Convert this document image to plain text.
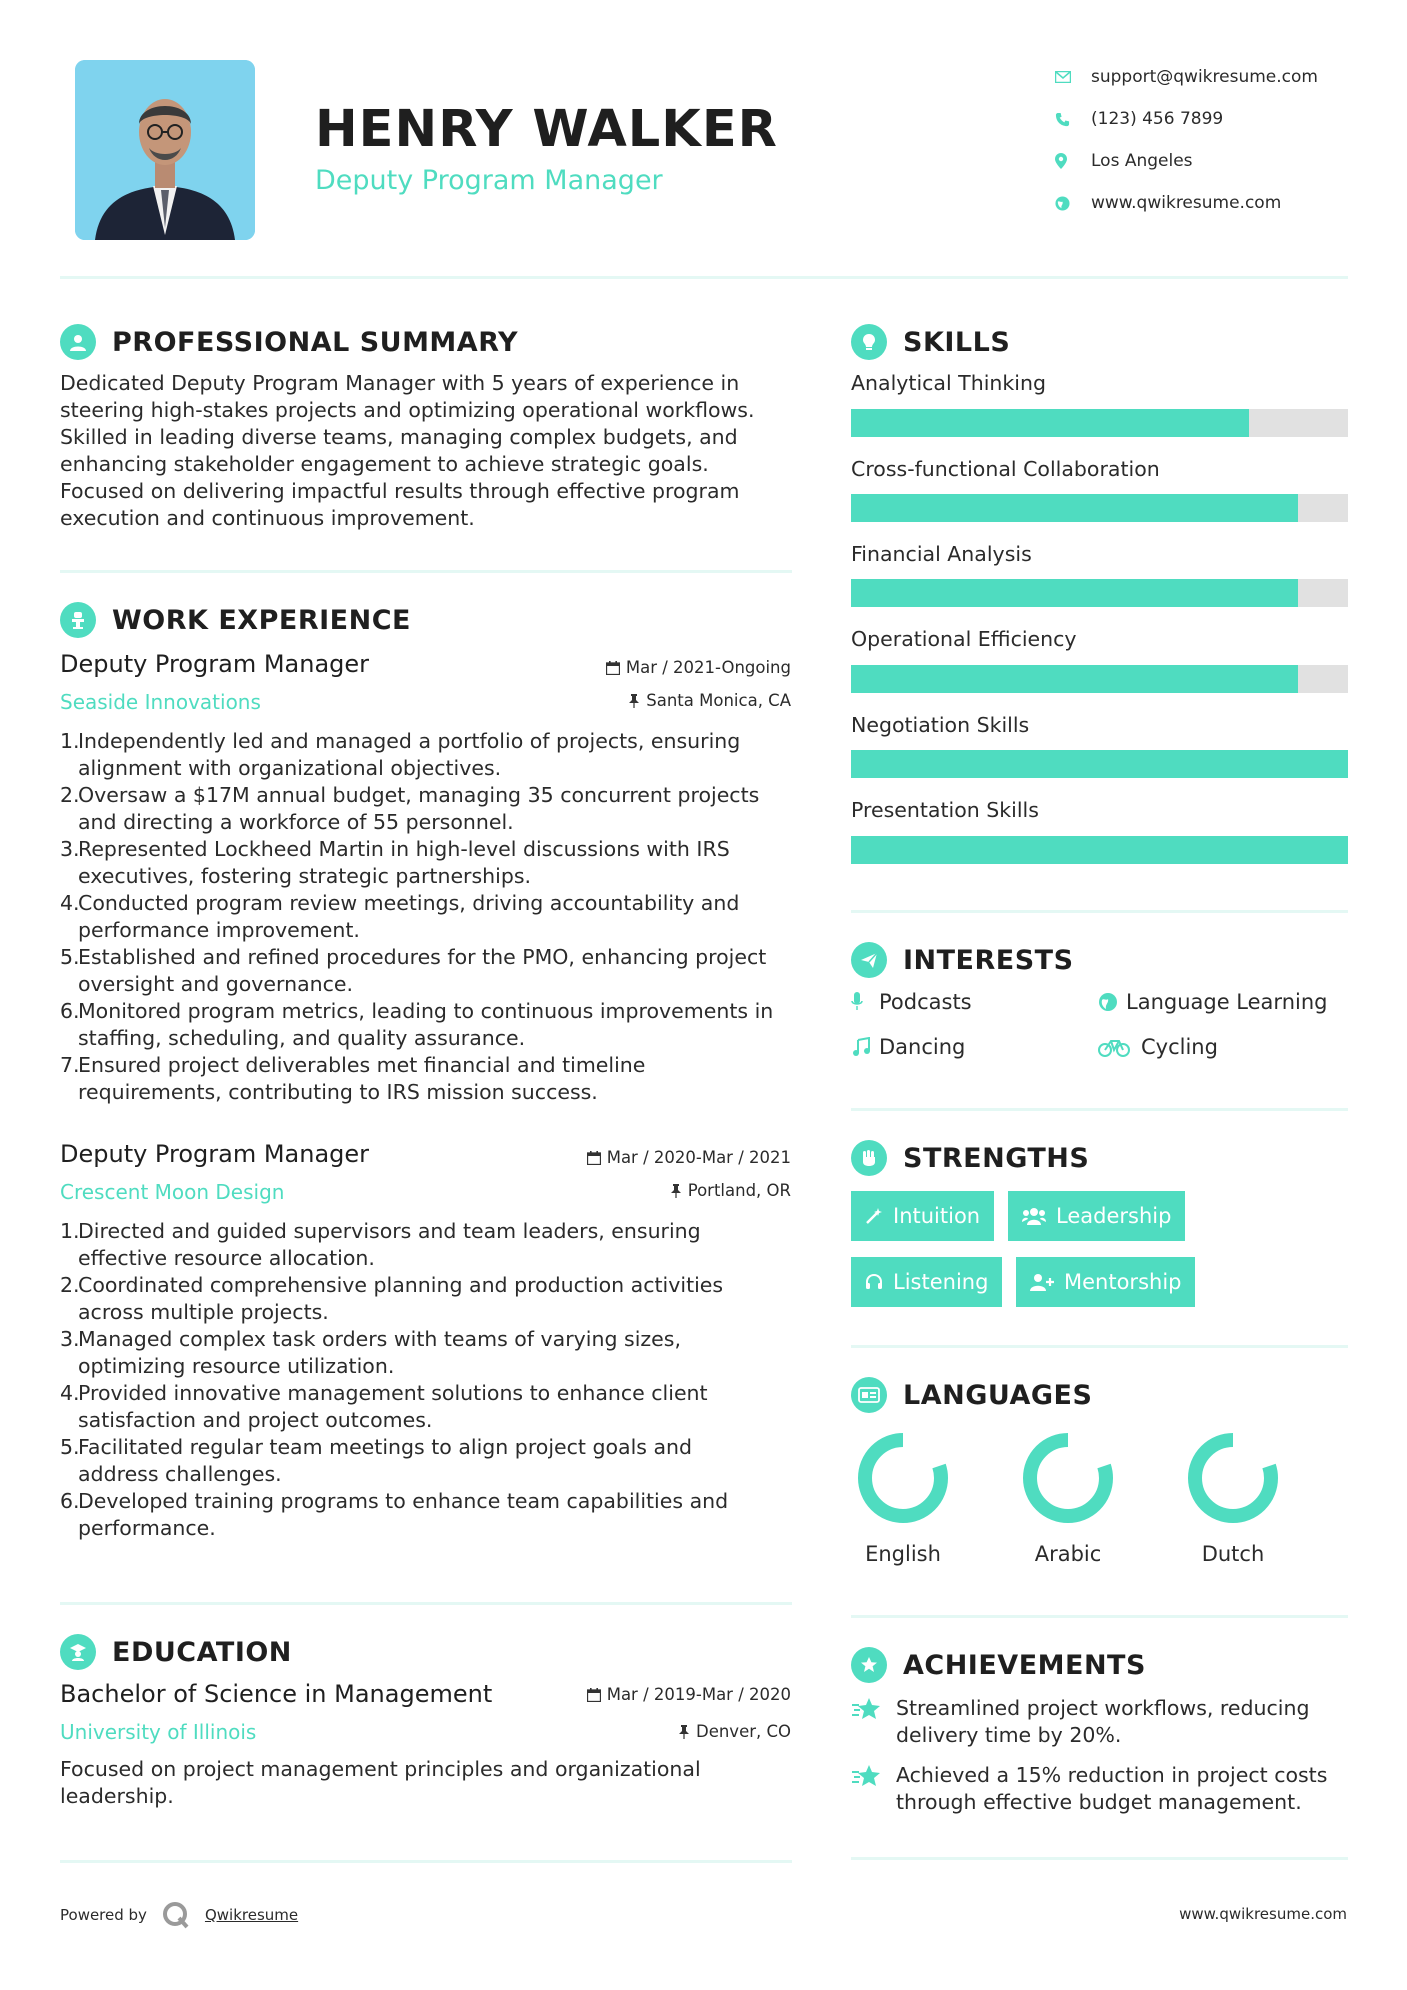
HENRY WALKER
Deputy Program Manager
support@qwikresume.com
(123) 456 7899
Los Angeles
www.qwikresume.com
PROFESSIONAL SUMMARY
Dedicated Deputy Program Manager with 5 years of experience in
steering high-stakes projects and optimizing operational workflows.
Skilled in leading diverse teams, managing complex budgets, and
enhancing stakeholder engagement to achieve strategic goals.
Focused on delivering impactful results through effective program
execution and continuous improvement.
WORK EXPERIENCE
Deputy Program Manager
Seaside Innovations
Mar / 2021-Ongoing
Santa Monica, CA
1.
Independently led and managed a portfolio of projects, ensuring
alignment with organizational objectives.
2.
Oversaw a $17M annual budget, managing 35 concurrent projects
and directing a workforce of 55 personnel.
3.
Represented Lockheed Martin in high-level discussions with IRS
executives, fostering strategic partnerships.
4.
Conducted program review meetings, driving accountability and
performance improvement.
5.
Established and refined procedures for the PMO, enhancing project
oversight and governance.
6.
Monitored program metrics, leading to continuous improvements in
staffing, scheduling, and quality assurance.
7.
Ensured project deliverables met financial and timeline
requirements, contributing to IRS mission success.
Deputy Program Manager
Crescent Moon Design
Mar / 2020-Mar / 2021
Portland, OR
1.
Directed and guided supervisors and team leaders, ensuring
effective resource allocation.
2.
Coordinated comprehensive planning and production activities
across multiple projects.
3.
Managed complex task orders with teams of varying sizes,
optimizing resource utilization.
4.
Provided innovative management solutions to enhance client
satisfaction and project outcomes.
5.
Facilitated regular team meetings to align project goals and
address challenges.
6.
Developed training programs to enhance team capabilities and
performance.
EDUCATION
Bachelor of Science in Management
University of Illinois
Mar / 2019-Mar / 2020
Denver, CO
Focused on project management principles and organizational
leadership.
SKILLS
Analytical Thinking
Cross-functional Collaboration
Financial Analysis
Operational Efficiency
Negotiation Skills
Presentation Skills
INTERESTS
Podcasts	Language Learning
Dancing	Cycling
STRENGTHS
Intuition	Leadership
Listening	Mentorship
LANGUAGES
English	Arabic	Dutch
ACHIEVEMENTS
Streamlined project workflows, reducing
delivery time by 20%.
Achieved a 15% reduction in project costs
through effective budget management.
Powered by	Qwikresume	www.qwikresume.com
